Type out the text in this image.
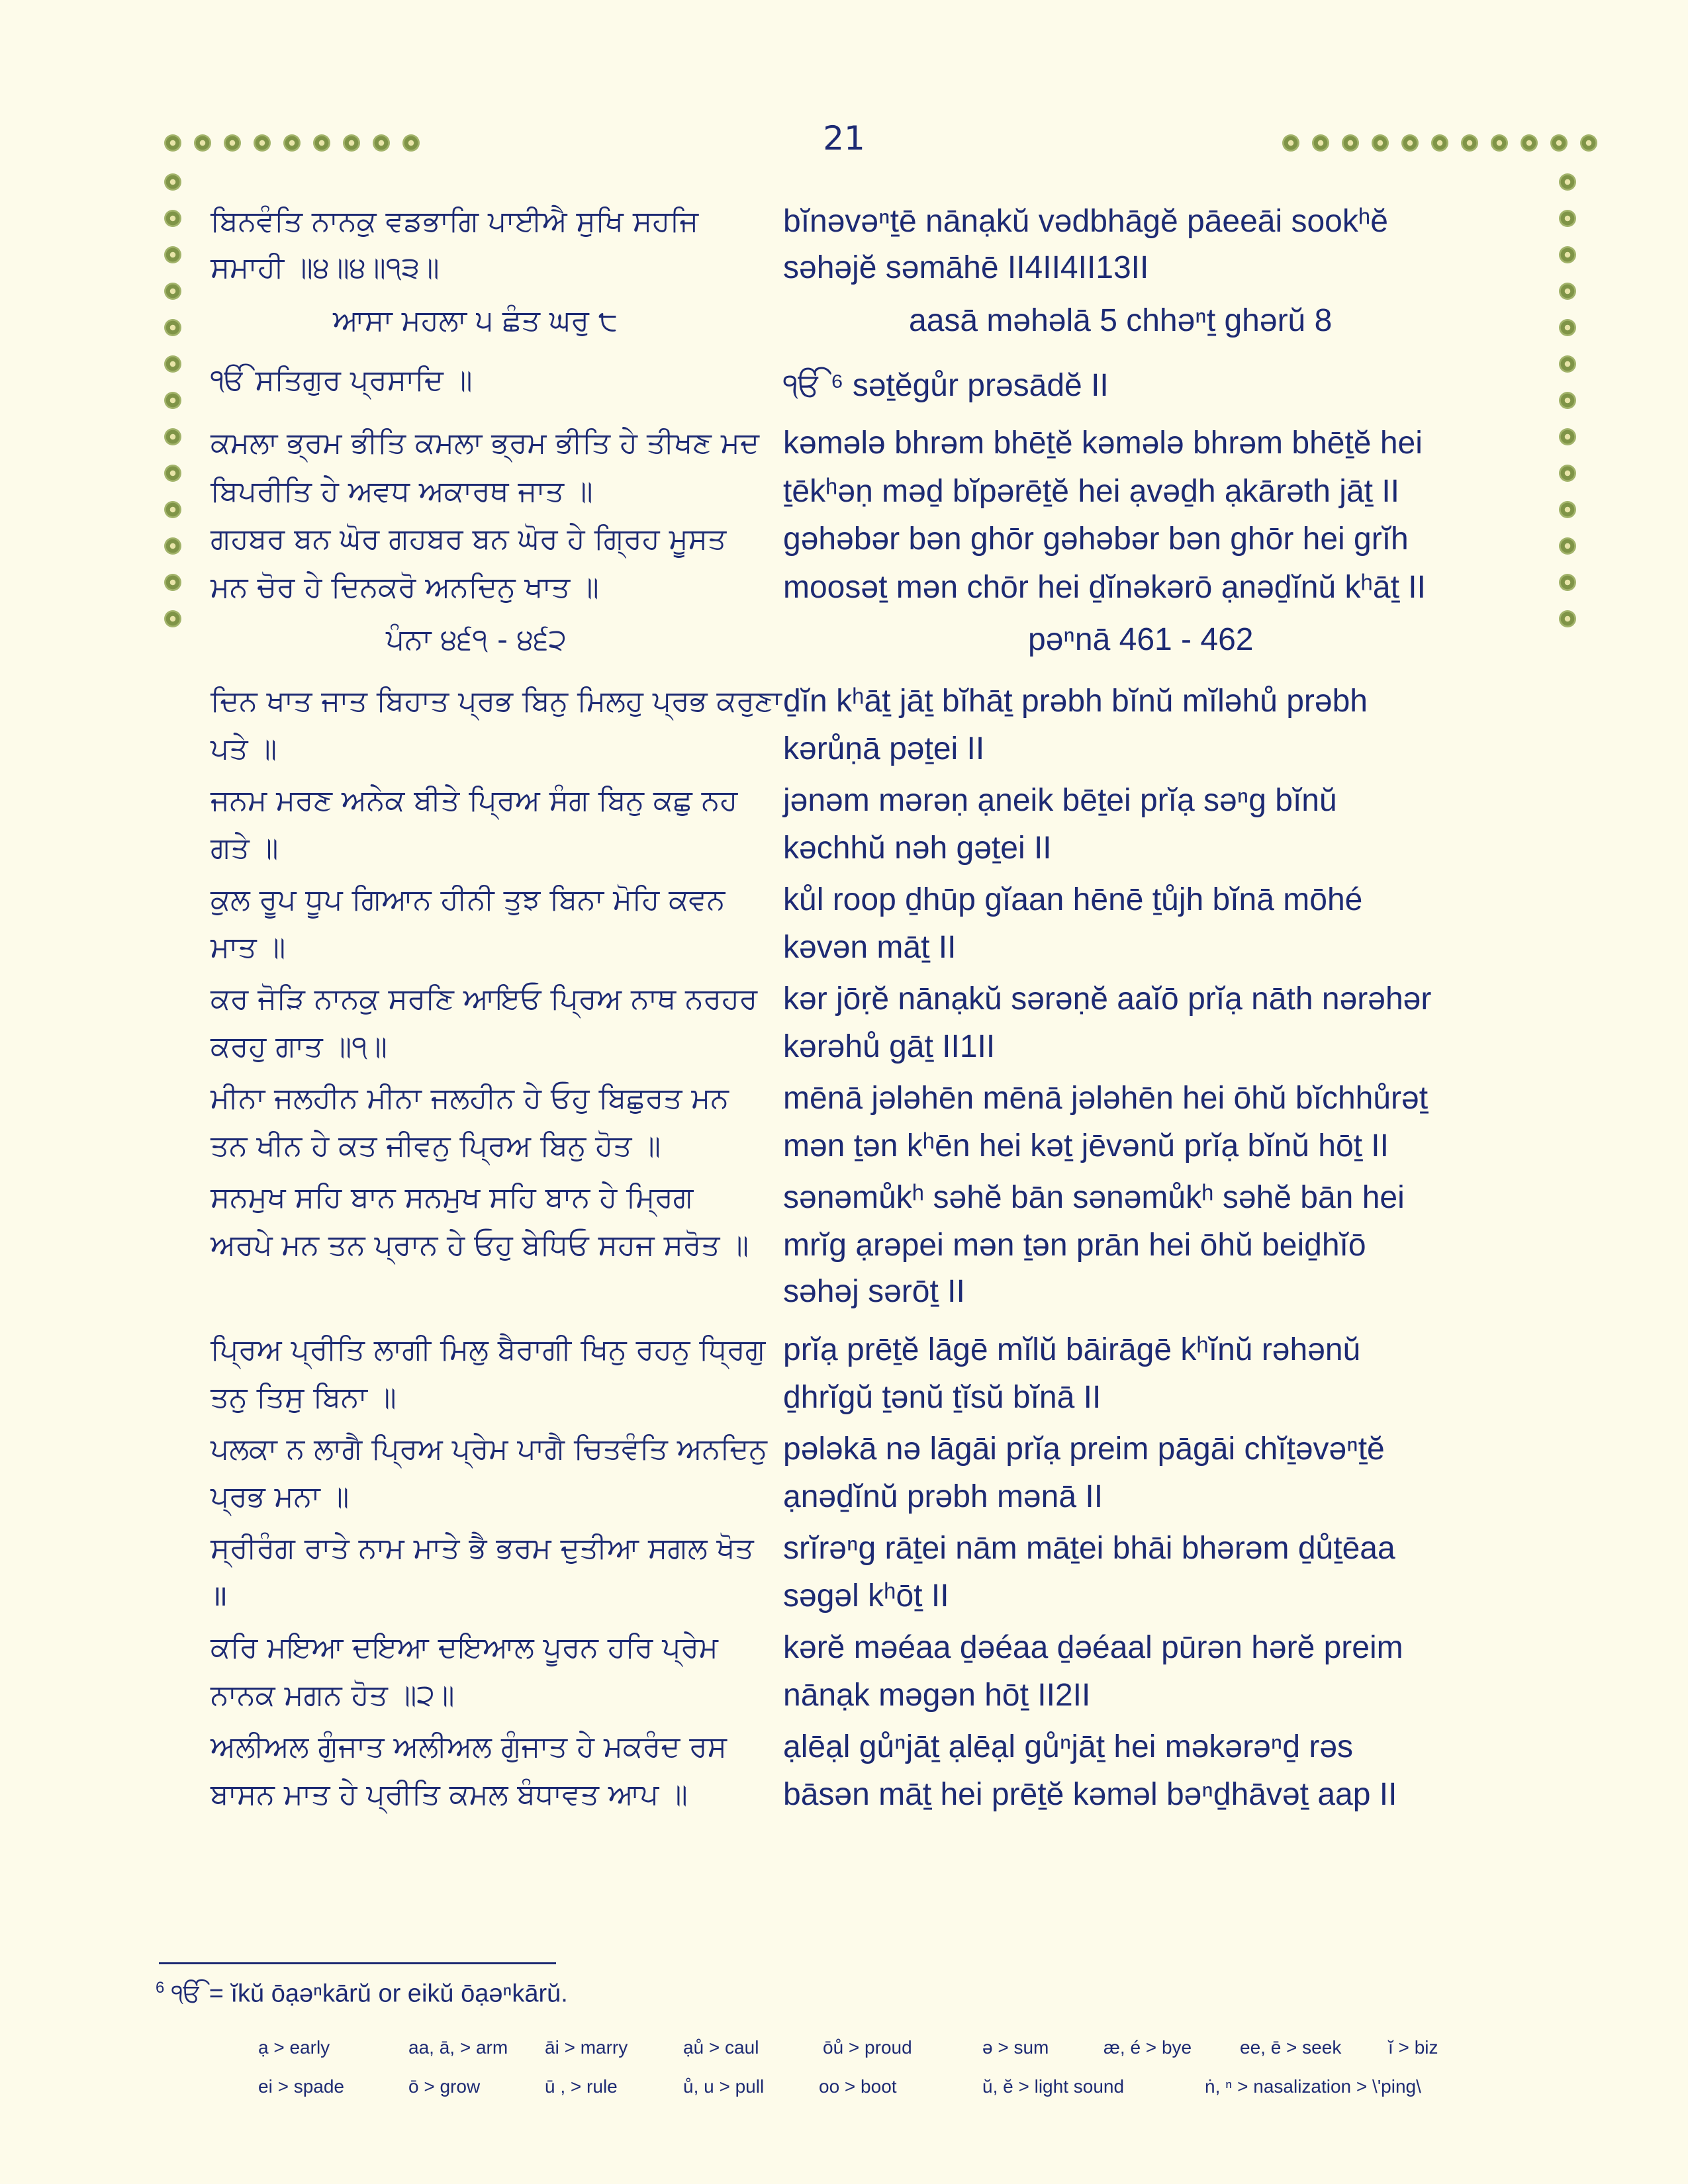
21
ਬਿਨਵੰਤਿ ਨਾਨਕੁ ਵਡਭਾਗਿ ਪਾਈਐ ਸੁਖਿ ਸਹਜਿ
ਸਮਾਹੀ ॥੪॥੪॥੧੩॥
ਆਸਾ ਮਹਲਾ ੫ ਛੰਤ ਘਰੁ ੮
ੴ ਸਤਿਗੁਰ ਪ੍ਰਸਾਦਿ ॥
ਕਮਲਾ ਭ੍ਰਮ ਭੀਤਿ ਕਮਲਾ ਭ੍ਰਮ ਭੀਤਿ ਹੇ ਤੀਖਣ ਮਦ
ਬਿਪਰੀਤਿ ਹੇ ਅਵਧ ਅਕਾਰਥ ਜਾਤ ॥
ਗਹਬਰ ਬਨ ਘੋਰ ਗਹਬਰ ਬਨ ਘੋਰ ਹੇ ਗ੍ਰਿਹ ਮੂਸਤ
ਮਨ ਚੋਰ ਹੇ ਦਿਨਕਰੋ ਅਨਦਿਨੁ ਖਾਤ ॥
ਪੰਨਾ ੪੬੧ - ੪੬੨
ਦਿਨ ਖਾਤ ਜਾਤ ਬਿਹਾਤ ਪ੍ਰਭ ਬਿਨੁ ਮਿਲਹੁ ਪ੍ਰਭ ਕਰੁਣਾ
ਪਤੇ ॥
ਜਨਮ ਮਰਣ ਅਨੇਕ ਬੀਤੇ ਪ੍ਰਿਅ ਸੰਗ ਬਿਨੁ ਕਛੁ ਨਹ
ਗਤੇ ॥
ਕੁਲ ਰੂਪ ਧੂਪ ਗਿਆਨ ਹੀਨੀ ਤੁਝ ਬਿਨਾ ਮੋਹਿ ਕਵਨ
ਮਾਤ ॥
ਕਰ ਜੋੜਿ ਨਾਨਕੁ ਸਰਣਿ ਆਇਓ ਪ੍ਰਿਅ ਨਾਥ ਨਰਹਰ
ਕਰਹੁ ਗਾਤ ॥੧॥
ਮੀਨਾ ਜਲਹੀਨ ਮੀਨਾ ਜਲਹੀਨ ਹੇ ਓਹੁ ਬਿਛੁਰਤ ਮਨ
ਤਨ ਖੀਨ ਹੇ ਕਤ ਜੀਵਨੁ ਪ੍ਰਿਅ ਬਿਨੁ ਹੋਤ ॥
ਸਨਮੁਖ ਸਹਿ ਬਾਨ ਸਨਮੁਖ ਸਹਿ ਬਾਨ ਹੇ ਮ੍ਰਿਗ
ਅਰਪੇ ਮਨ ਤਨ ਪ੍ਰਾਨ ਹੇ ਓਹੁ ਬੇਧਿਓ ਸਹਜ ਸਰੋਤ ॥
ਪ੍ਰਿਅ ਪ੍ਰੀਤਿ ਲਾਗੀ ਮਿਲੁ ਬੈਰਾਗੀ ਖਿਨੁ ਰਹਨੁ ਧ੍ਰਿਗੁ
ਤਨੁ ਤਿਸੁ ਬਿਨਾ ॥
ਪਲਕਾ ਨ ਲਾਗੈ ਪ੍ਰਿਅ ਪ੍ਰੇਮ ਪਾਗੈ ਚਿਤਵੰਤਿ ਅਨਦਿਨੁ
ਪ੍ਰਭ ਮਨਾ ॥
ਸ੍ਰੀਰੰਗ ਰਾਤੇ ਨਾਮ ਮਾਤੇ ਭੈ ਭਰਮ ਦੁਤੀਆ ਸਗਲ ਖੋਤ
॥
ਕਰਿ ਮਇਆ ਦਇਆ ਦਇਆਲ ਪੂਰਨ ਹਰਿ ਪ੍ਰੇਮ
ਨਾਨਕ ਮਗਨ ਹੋਤ ॥੨॥
ਅਲੀਅਲ ਗੁੰਜਾਤ ਅਲੀਅਲ ਗੁੰਜਾਤ ਹੇ ਮਕਰੰਦ ਰਸ
ਬਾਸਨ ਮਾਤ ਹੇ ਪ੍ਰੀਤਿ ਕਮਲ ਬੰਧਾਵਤ ਆਪ ॥
bĭnəvəⁿṯē nānạkŭ vədbhāgĕ pāeeāi sookʰĕ
səhəjĕ səmāhē II4II4II13II
aasā məhəlā 5 chhəⁿṯ ghərŭ 8
ੴ ⁶ səṯĕgůr prəsādĕ II
kəmələ bhrəm bhēṯĕ kəmələ bhrəm bhēṯĕ hei
ṯēkʰəṇ məḏ bĭpərēṯĕ hei ạvəḏh ạkārəth jāṯ II
gəhəbər bən ghōr gəhəbər bən ghōr hei grĭh
moosəṯ mən chōr hei ḏĭnəkərō ạnəḏĭnŭ kʰāṯ II
pəⁿnā 461 - 462
ḏĭn kʰāṯ jāṯ bĭhāṯ prəbh bĭnŭ mĭləhů prəbh
kərůṇā pəṯei II
jənəm mərəṇ ạneik bēṯei prĭạ səⁿg bĭnŭ
kəchhŭ nəh gəṯei II
kůl roop ḏhūp gĭaan hēnē ṯůjh bĭnā mōhé
kəvən māṯ II
kər jōṛĕ nānạkŭ sərəṇĕ aaĭō prĭạ nāth nərəhər
kərəhů gāṯ II1II
mēnā jələhēn mēnā jələhēn hei ōhŭ bĭchhůrəṯ
mən ṯən kʰēn hei kəṯ jēvənŭ prĭạ bĭnŭ hōṯ II
sənəmůkʰ səhĕ bān sənəmůkʰ səhĕ bān hei
mrĭg ạrəpei mən ṯən prān hei ōhŭ beiḏhĭō
səhəj sərōṯ II
prĭạ prēṯĕ lāgē mĭlŭ bāirāgē kʰĭnŭ rəhənŭ
ḏhrĭgŭ ṯənŭ ṯĭsŭ bĭnā II
pələkā nə lāgāi prĭạ preim pāgāi chĭṯəvəⁿṯĕ
ạnəḏĭnŭ prəbh mənā II
srĭrəⁿg rāṯei nām māṯei bhāi bhərəm ḏůṯēaa
səgəl kʰōṯ II
kərĕ məéaa ḏəéaa ḏəéaal pūrən hərĕ preim
nānạk məgən hōṯ II2II
ạlēạl gůⁿjāṯ ạlēạl gůⁿjāṯ hei məkərəⁿḏ rəs
bāsən māṯ hei prēṯĕ kəməl bəⁿḏhāvəṯ aap II
$^6$ ੴ = ĭkŭ ōạəⁿkārŭ or eikŭ ōạəⁿkārŭ.
ạ > early	aa, ā, > arm āi > marry	ạů > caul	ōů > proud	ə > sum	æ, é > bye	ee, ē > seek	ĭ > biz
ei > spade	ō > grow	ū , > rule	ů, u > pull	oo > boot	ŭ, ĕ > light sound	ṅ, ⁿ > nasalization > \'ping\
